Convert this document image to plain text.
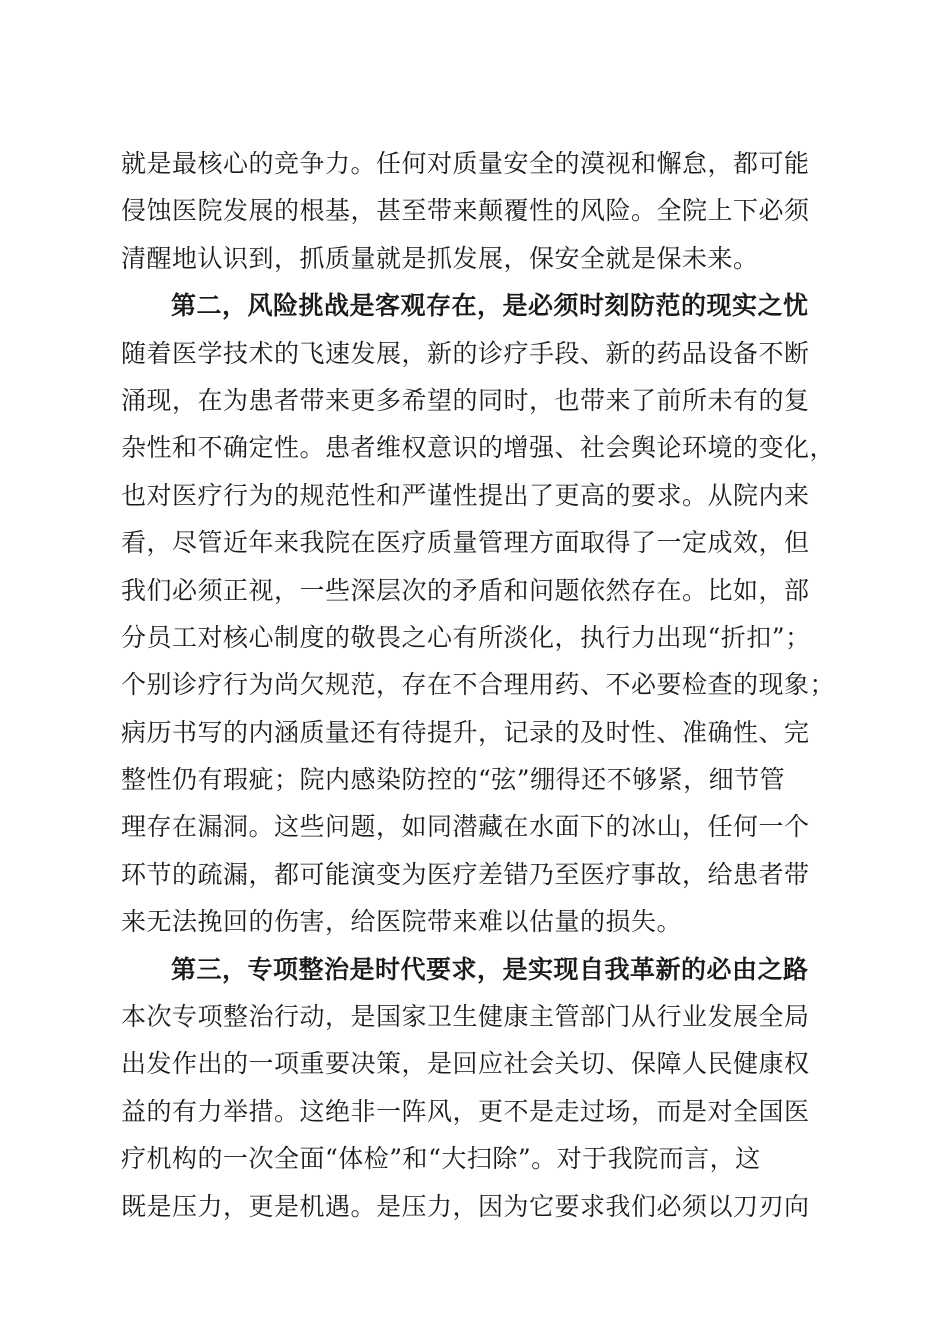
就是最核心的竞争力。任何对质量安全的漠视和懈怠，都可能
侵蚀医院发展的根基，甚至带来颠覆性的风险。全院上下必须
清醒地认识到，抓质量就是抓发展，保安全就是保未来。
第二，风险挑战是客观存在，是必须时刻防范的现实之忧
随着医学技术的飞速发展，新的诊疗手段、新的药品设备不断
涌现，在为患者带来更多希望的同时，也带来了前所未有的复
杂性和不确定性。患者维权意识的增强、社会舆论环境的变化，
也对医疗行为的规范性和严谨性提出了更高的要求。从院内来
看，尽管近年来我院在医疗质量管理方面取得了一定成效，但
我们必须正视，一些深层次的矛盾和问题依然存在。比如，部
分员工对核心制度的敬畏之心有所淡化，执行力出现“折扣”；
个别诊疗行为尚欠规范，存在不合理用药、不必要检查的现象；
病历书写的内涵质量还有待提升，记录的及时性、准确性、完
整性仍有瑕疵；院内感染防控的“弦”绷得还不够紧，细节管
理存在漏洞。这些问题，如同潜藏在水面下的冰山，任何一个
环节的疏漏，都可能演变为医疗差错乃至医疗事故，给患者带
来无法挽回的伤害，给医院带来难以估量的损失。
第三，专项整治是时代要求，是实现自我革新的必由之路
本次专项整治行动，是国家卫生健康主管部门从行业发展全局
出发作出的一项重要决策，是回应社会关切、保障人民健康权
益的有力举措。这绝非一阵风，更不是走过场，而是对全国医
疗机构的一次全面“体检”和“大扫除”。对于我院而言，这
既是压力，更是机遇。是压力，因为它要求我们必须以刀刃向
